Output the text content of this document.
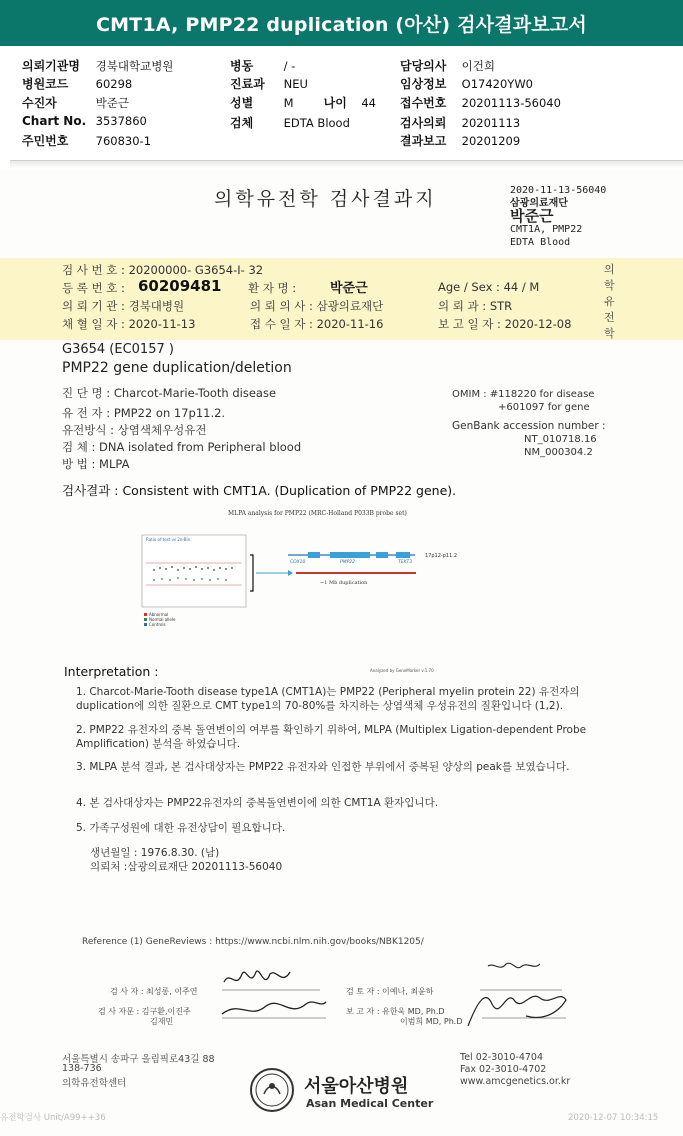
CMT1A, PMP22 duplication (아산) 검사결과보고서
의뢰기관명 경북대학교병원
병원코드 60298
수진자	박준근
Chart No. 3537860
주민번호 760830-1
병동	/ -
진료과 NEU
성별	M	나이 44
검체	EDTA Blood
담당의사 이건희
임상정보 O17420YW0
접수번호 20201113-56040
검사의뢰 20201113
결과보고 20201209
의학유전학 검사결과지	2020-11-13-56040
삼광의료재단
박준근
CMT1A, PMP22
EDTA Blood
검 사 번 호 : 20200000- G3654-I- 32
등 록 번 호 : 60209481 환 자 명 :	박준근	Age / Sex : 44 / M
의 뢰 기 관 : 경북대병원	의 뢰 의 사 : 삼광의료재단	의 뢰 과 : STR
채 혈 일 자 : 2020-11-13	접 수 일 자 : 2020-11-16	보 고 일 자 : 2020-12-08
의학유전학
G3654 (EC0157 )
PMP22 gene duplication/deletion
진 단 명 : Charcot-Marie-Tooth disease
유 전 자 : PMP22 on 17p11.2.
유전방식 : 상염색체우성유전
검 체 : DNA isolated from Peripheral blood
방 법 : MLPA
OMIM : #118220 for disease
+601097 for gene
GenBank accession number :
NT_010718.16
NM_000304.2
검사결과 : Consistent with CMT1A. (Duplication of PMP22 gene).
MLPA analysis for PMP22 (MRC-Holland P033B probe set)
Ratio of test vs 2n-Bin
Abnormal
Normal allele
Controls
COX10	PMP22	TEKT3
17p12-p11.2
~1 Mb duplication
Analyzed by GeneMarker v.1.70
Interpretation :
1. Charcot-Marie-Tooth disease type1A (CMT1A)는 PMP22 (Peripheral myelin protein 22) 유전자의 duplication에 의한 질환으로 CMT type1의 70-80%를 차지하는 상염색체 우성유전의 질환입니다 (1,2).
2. PMP22 유전자의 중복 돌연변이의 여부를 확인하기 위하여, MLPA (Multiplex Ligation-dependent Probe Amplification) 분석을 하였습니다.
3. MLPA 분석 결과, 본 검사대상자는 PMP22 유전자와 인접한 부위에서 중복된 양상의 peak를 보였습니다.
4. 본 검사대상자는 PMP22유전자의 중복돌연변이에 의한 CMT1A 환자입니다.
5. 가족구성원에 대한 유전상담이 필요합니다.
생년월일 : 1976.8.30. (남)
의뢰처 :삼광의료재단 20201113-56040
Reference (1) GeneReviews : https://www.ncbi.nlm.nih.gov/books/NBK1205/
검 사 자 : 최성롱, 이주연
검 사 자문 : 김구환,이진주
김재민
검 토 자 : 이예나, 최윤하
보 고 자 : 유한욱 MD, Ph.D
이범희 MD, Ph.D
서울특별시 송파구 올림픽로43길 88
138-736
의학유전학센터	서울아산병원
Asan Medical Center
Tel 02-3010-4704
Fax 02-3010-4702
www.amcgenetics.or.kr
유전학검사 Unit/A99++36	2020-12-07 10:34:15
